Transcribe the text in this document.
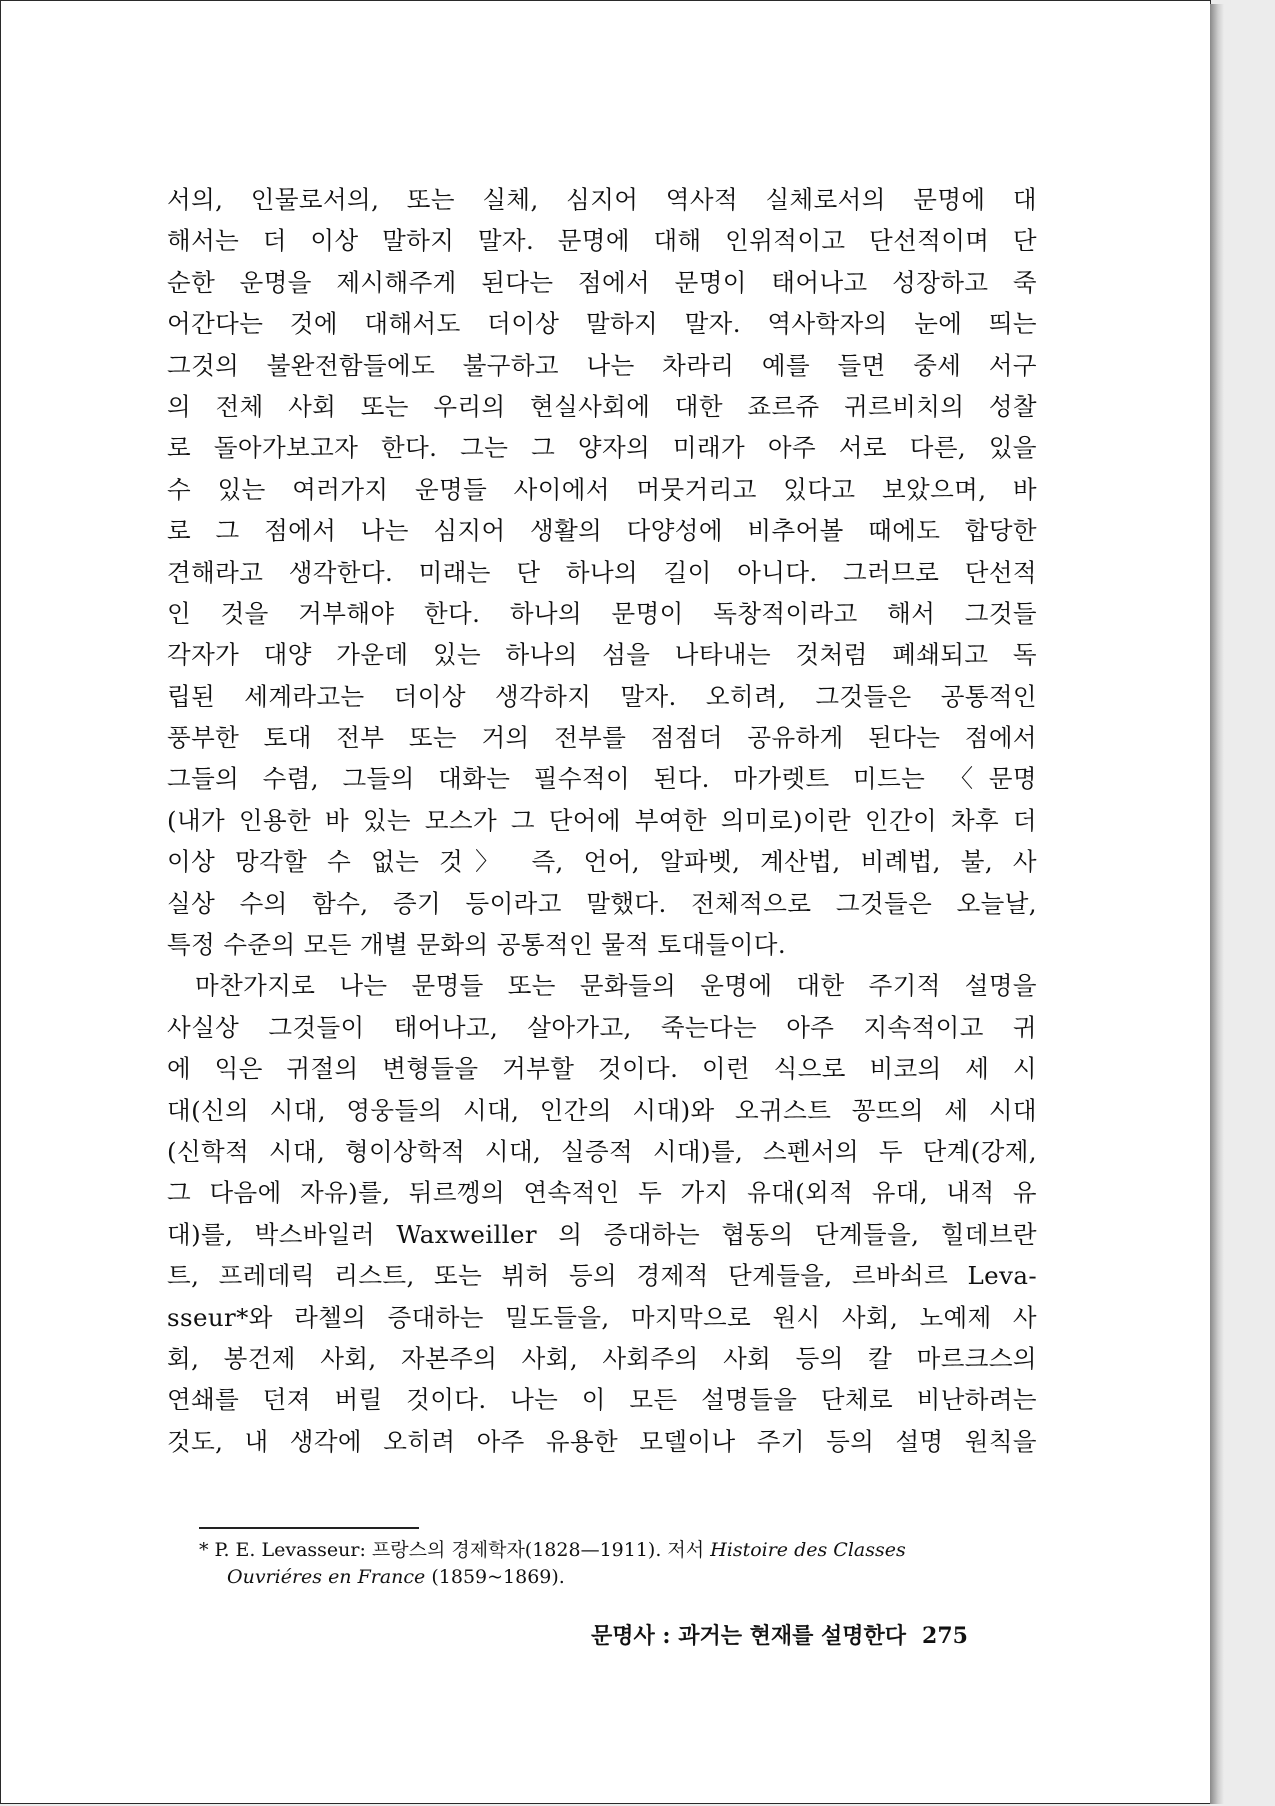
서의, 인물로서의, 또는 실체, 심지어 역사적 실체로서의 문명에 대
해서는 더 이상 말하지 말자. 문명에 대해 인위적이고 단선적이며 단
순한 운명을 제시해주게 된다는 점에서 문명이 태어나고 성장하고 죽
어간다는 것에 대해서도 더이상 말하지 말자. 역사학자의 눈에 띄는
그것의 불완전함들에도 불구하고 나는 차라리 예를 들면 중세 서구
의 전체 사회 또는 우리의 현실사회에 대한 죠르쥬 귀르비치의 성찰
로 돌아가보고자 한다. 그는 그 양자의 미래가 아주 서로 다른, 있을
수 있는 여러가지 운명들 사이에서 머뭇거리고 있다고 보았으며, 바
로 그 점에서 나는 심지어 생활의 다양성에 비추어볼 때에도 합당한
견해라고 생각한다. 미래는 단 하나의 길이 아니다. 그러므로 단선적
인 것을 거부해야 한다. 하나의 문명이 독창적이라고 해서 그것들
각자가 대양 가운데 있는 하나의 섬을 나타내는 것처럼 폐쇄되고 독
립된 세계라고는 더이상 생각하지 말자. 오히려, 그것들은 공통적인
풍부한 토대 전부 또는 거의 전부를 점점더 공유하게 된다는 점에서
그들의 수렴, 그들의 대화는 필수적이 된다. 마가렛트 미드는 〈문명
(내가 인용한 바 있는 모스가 그 단어에 부여한 의미로)이란 인간이 차후 더
이상 망각할 수 없는 것〉 즉, 언어, 알파벳, 계산법, 비례법, 불, 사
실상 수의 함수, 증기 등이라고 말했다. 전체적으로 그것들은 오늘날,
특정 수준의 모든 개별 문화의 공통적인 물적 토대들이다.
마찬가지로 나는 문명들 또는 문화들의 운명에 대한 주기적 설명을
사실상 그것들이 태어나고, 살아가고, 죽는다는 아주 지속적이고 귀
에 익은 귀절의 변형들을 거부할 것이다. 이런 식으로 비코의 세 시
대(신의 시대, 영웅들의 시대, 인간의 시대)와 오귀스트 꽁뜨의 세 시대
(신학적 시대, 형이상학적 시대, 실증적 시대)를, 스펜서의 두 단계(강제,
그 다음에 자유)를, 뒤르껭의 연속적인 두 가지 유대(외적 유대, 내적 유
대)를, 박스바일러 Waxweiller 의 증대하는 협동의 단계들을, 힐데브란
트, 프레데릭 리스트, 또는 뷔허 등의 경제적 단계들을, 르바쇠르 Leva-
sseur*와 라첼의 증대하는 밀도들을, 마지막으로 원시 사회, 노예제 사
회, 봉건제 사회, 자본주의 사회, 사회주의 사회 등의 칼 마르크스의
연쇄를 던져 버릴 것이다. 나는 이 모든 설명들을 단체로 비난하려는
것도, 내 생각에 오히려 아주 유용한 모델이나 주기 등의 설명 원칙을
* P. E. Levasseur: 프랑스의 경제학자(1828—1911). 저서 Histoire des Classes
Ouvriéres en France (1859~1869).
문명사 : 과거는 현재를 설명한다 275
